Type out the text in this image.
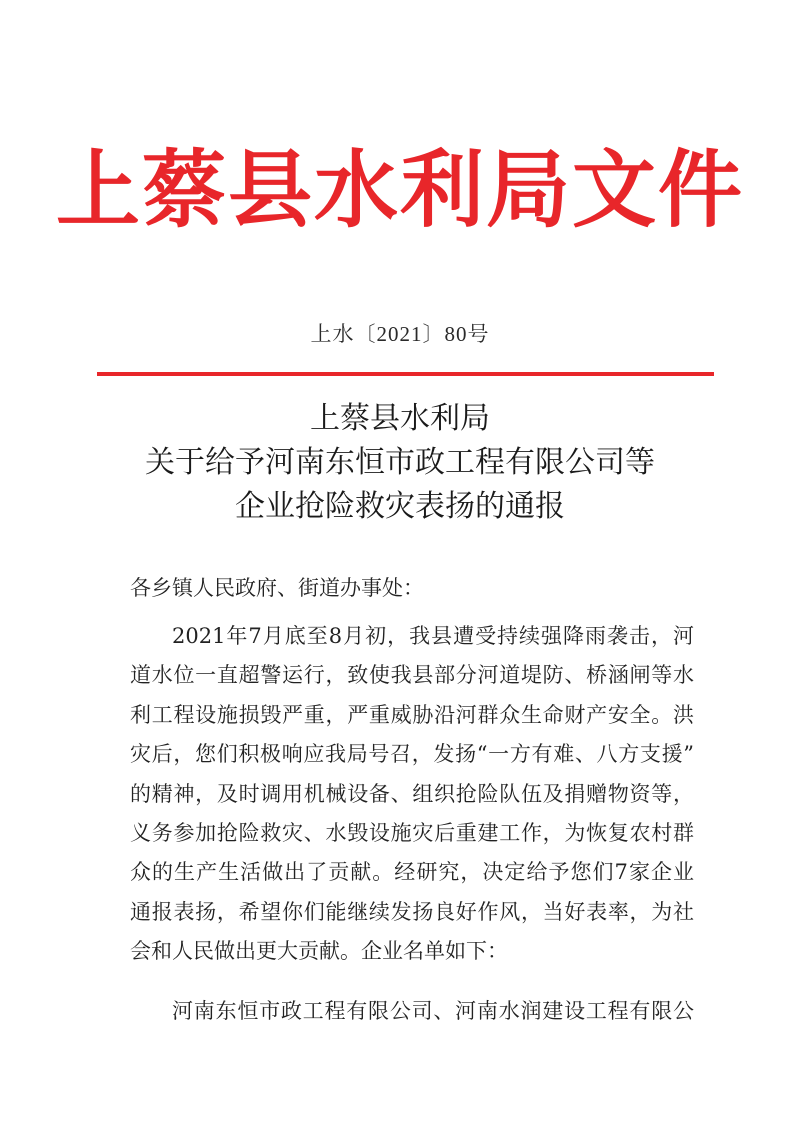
上蔡县水利局文件
上水〔2021〕80号
上蔡县水利局
关于给予河南东恒市政工程有限公司等
企业抢险救灾表扬的通报
各乡镇人民政府、街道办事处：
2021年7月底至8月初，我县遭受持续强降雨袭击，河
道水位一直超警运行，致使我县部分河道堤防、桥涵闸等水
利工程设施损毁严重，严重威胁沿河群众生命财产安全。洪
灾后，您们积极响应我局号召，发扬“一方有难、八方支援”
的精神，及时调用机械设备、组织抢险队伍及捐赠物资等，
义务参加抢险救灾、水毁设施灾后重建工作，为恢复农村群
众的生产生活做出了贡献。经研究，决定给予您们7家企业
通报表扬，希望你们能继续发扬良好作风，当好表率，为社
会和人民做出更大贡献。企业名单如下：
河南东恒市政工程有限公司、河南水润建设工程有限公
